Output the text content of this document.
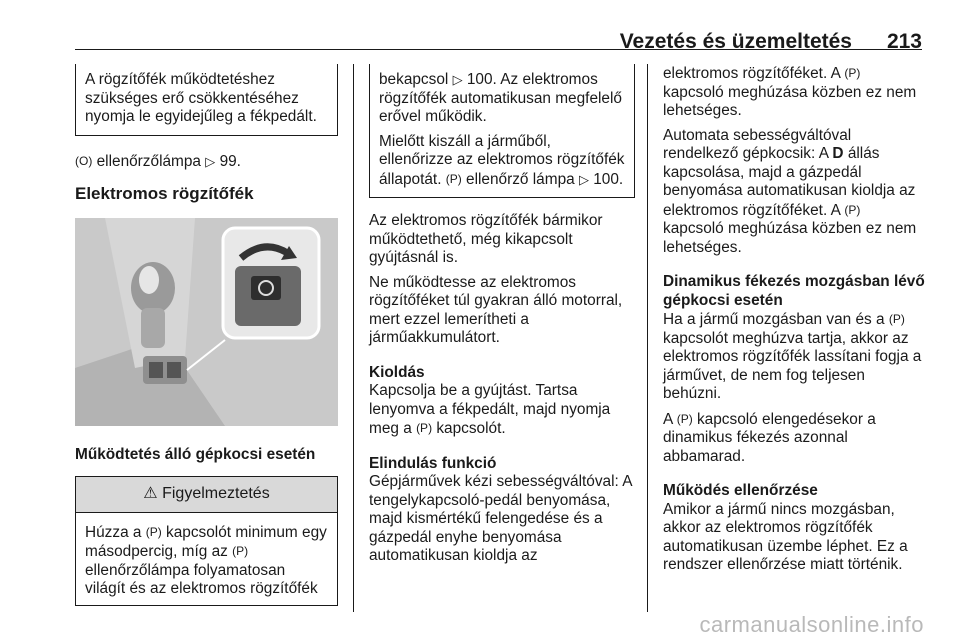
Vezetés és üzemeltetés 213

A rögzítőfék működtetéshez szükséges erő csökkentéséhez nyomja le egyidejűleg a fékpedált.

(O) ellenőrzőlámpa ▷ 99.

Elektromos rögzítőfék

Működtetés álló gépkocsi esetén

⚠ Figyelmeztetés

Húzza a (P) kapcsolót minimum egy másodpercig, míg az (P) ellenőrzőlámpa folyamatosan világít és az elektromos rögzítőfék

bekapcsol ▷ 100. Az elektromos rögzítőfék automatikusan megfelelő erővel működik.

Mielőtt kiszáll a járműből, ellenőrizze az elektromos rögzítőfék állapotát. (P) ellenőrző lámpa ▷ 100.

Az elektromos rögzítőfék bármikor működtethető, még kikapcsolt gyújtásnál is.

Ne működtesse az elektromos rögzítőféket túl gyakran álló motorral, mert ezzel lemerítheti a járműakkumulátort.

Kioldás

Kapcsolja be a gyújtást. Tartsa lenyomva a fékpedált, majd nyomja meg a (P) kapcsolót.

Elindulás funkció

Gépjárművek kézi sebességváltóval: A tengelykapcsoló-pedál benyomása, majd kismértékű felengedése és a gázpedál enyhe benyomása automatikusan kioldja az

elektromos rögzítőféket. A (P) kapcsoló meghúzása közben ez nem lehetséges.

Automata sebességváltóval rendelkező gépkocsik: A D állás kapcsolása, majd a gázpedál benyomása automatikusan kioldja az elektromos rögzítőféket. A (P) kapcsoló meghúzása közben ez nem lehetséges.

Dinamikus fékezés mozgásban lévő gépkocsi esetén

Ha a jármű mozgásban van és a (P) kapcsolót meghúzva tartja, akkor az elektromos rögzítőfék lassítani fogja a járművet, de nem fog teljesen behúzni.

A (P) kapcsoló elengedésekor a dinamikus fékezés azonnal abbamarad.

Működés ellenőrzése

Amikor a jármű nincs mozgásban, akkor az elektromos rögzítőfék automatikusan üzembe léphet. Ez a rendszer ellenőrzése miatt történik.

carmanualsonline.info
